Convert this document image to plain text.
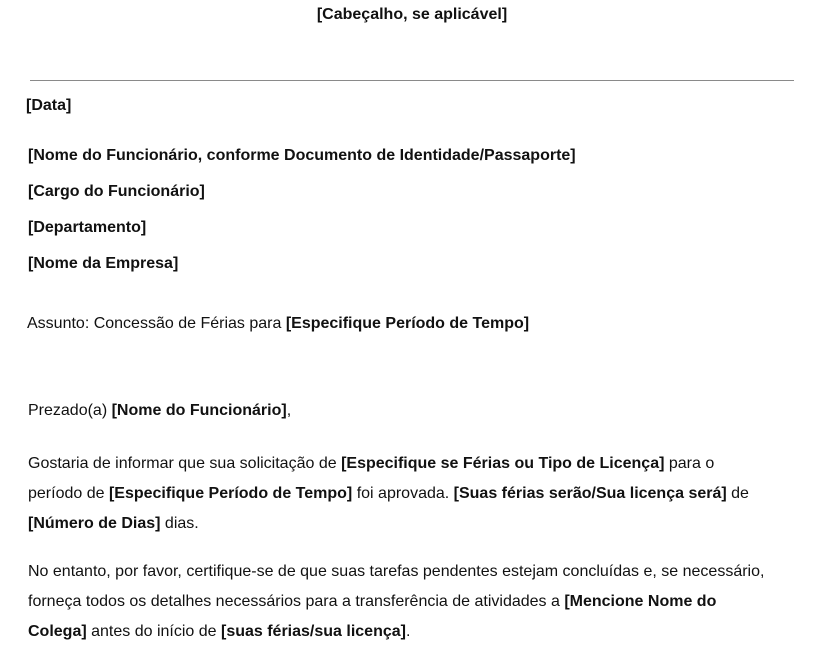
[Cabeçalho, se aplicável]
[Data]
[Nome do Funcionário, conforme Documento de Identidade/Passaporte]
[Cargo do Funcionário]
[Departamento]
[Nome da Empresa]
Assunto: Concessão de Férias para [Especifique Período de Tempo]
Prezado(a) [Nome do Funcionário],
Gostaria de informar que sua solicitação de [Especifique se Férias ou Tipo de Licença] para o período de [Especifique Período de Tempo] foi aprovada. [Suas férias serão/Sua licença será] de [Número de Dias] dias.
No entanto, por favor, certifique-se de que suas tarefas pendentes estejam concluídas e, se necessário, forneça todos os detalhes necessários para a transferência de atividades a [Mencione Nome do Colega] antes do início de [suas férias/sua licença].
